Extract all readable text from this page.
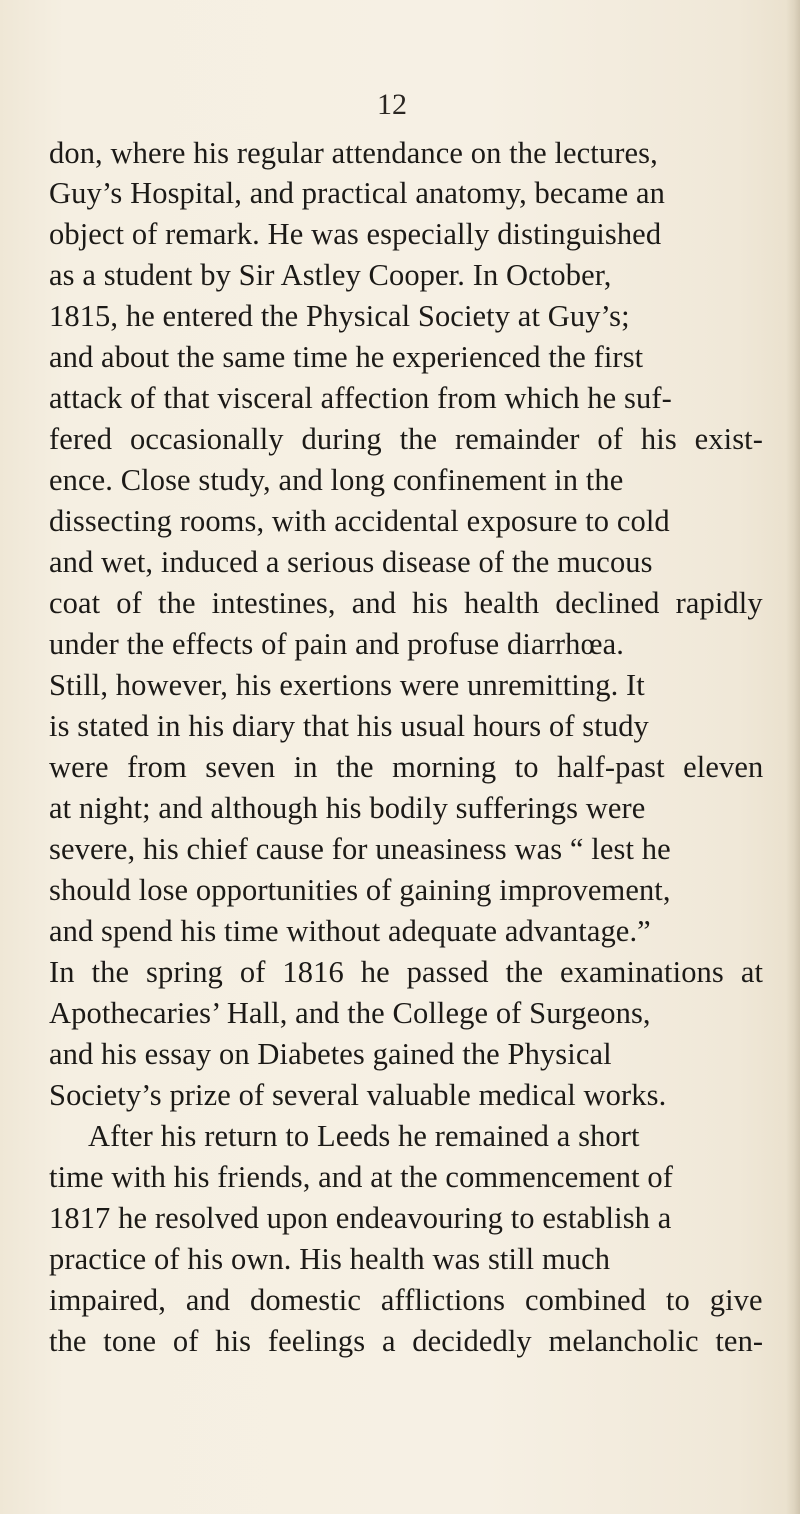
12
don, where his regular attendance on the lectures,
Guy’s Hospital, and practical anatomy, became an
object of remark. He was especially distinguished
as a student by Sir Astley Cooper. In October,
1815, he entered the Physical Society at Guy’s;
and about the same time he experienced the first
attack of that visceral affection from which he suf-
fered occasionally during the remainder of his exist-
ence. Close study, and long confinement in the
dissecting rooms, with accidental exposure to cold
and wet, induced a serious disease of the mucous
coat of the intestines, and his health declined rapidly
under the effects of pain and profuse diarrhœa.
Still, however, his exertions were unremitting. It
is stated in his diary that his usual hours of study
were from seven in the morning to half-past eleven
at night; and although his bodily sufferings were
severe, his chief cause for uneasiness was “ lest he
should lose opportunities of gaining improvement,
and spend his time without adequate advantage.”
In the spring of 1816 he passed the examinations at
Apothecaries’ Hall, and the College of Surgeons,
and his essay on Diabetes gained the Physical
Society’s prize of several valuable medical works.
After his return to Leeds he remained a short
time with his friends, and at the commencement of
1817 he resolved upon endeavouring to establish a
practice of his own. His health was still much
impaired, and domestic afflictions combined to give
the tone of his feelings a decidedly melancholic ten-
